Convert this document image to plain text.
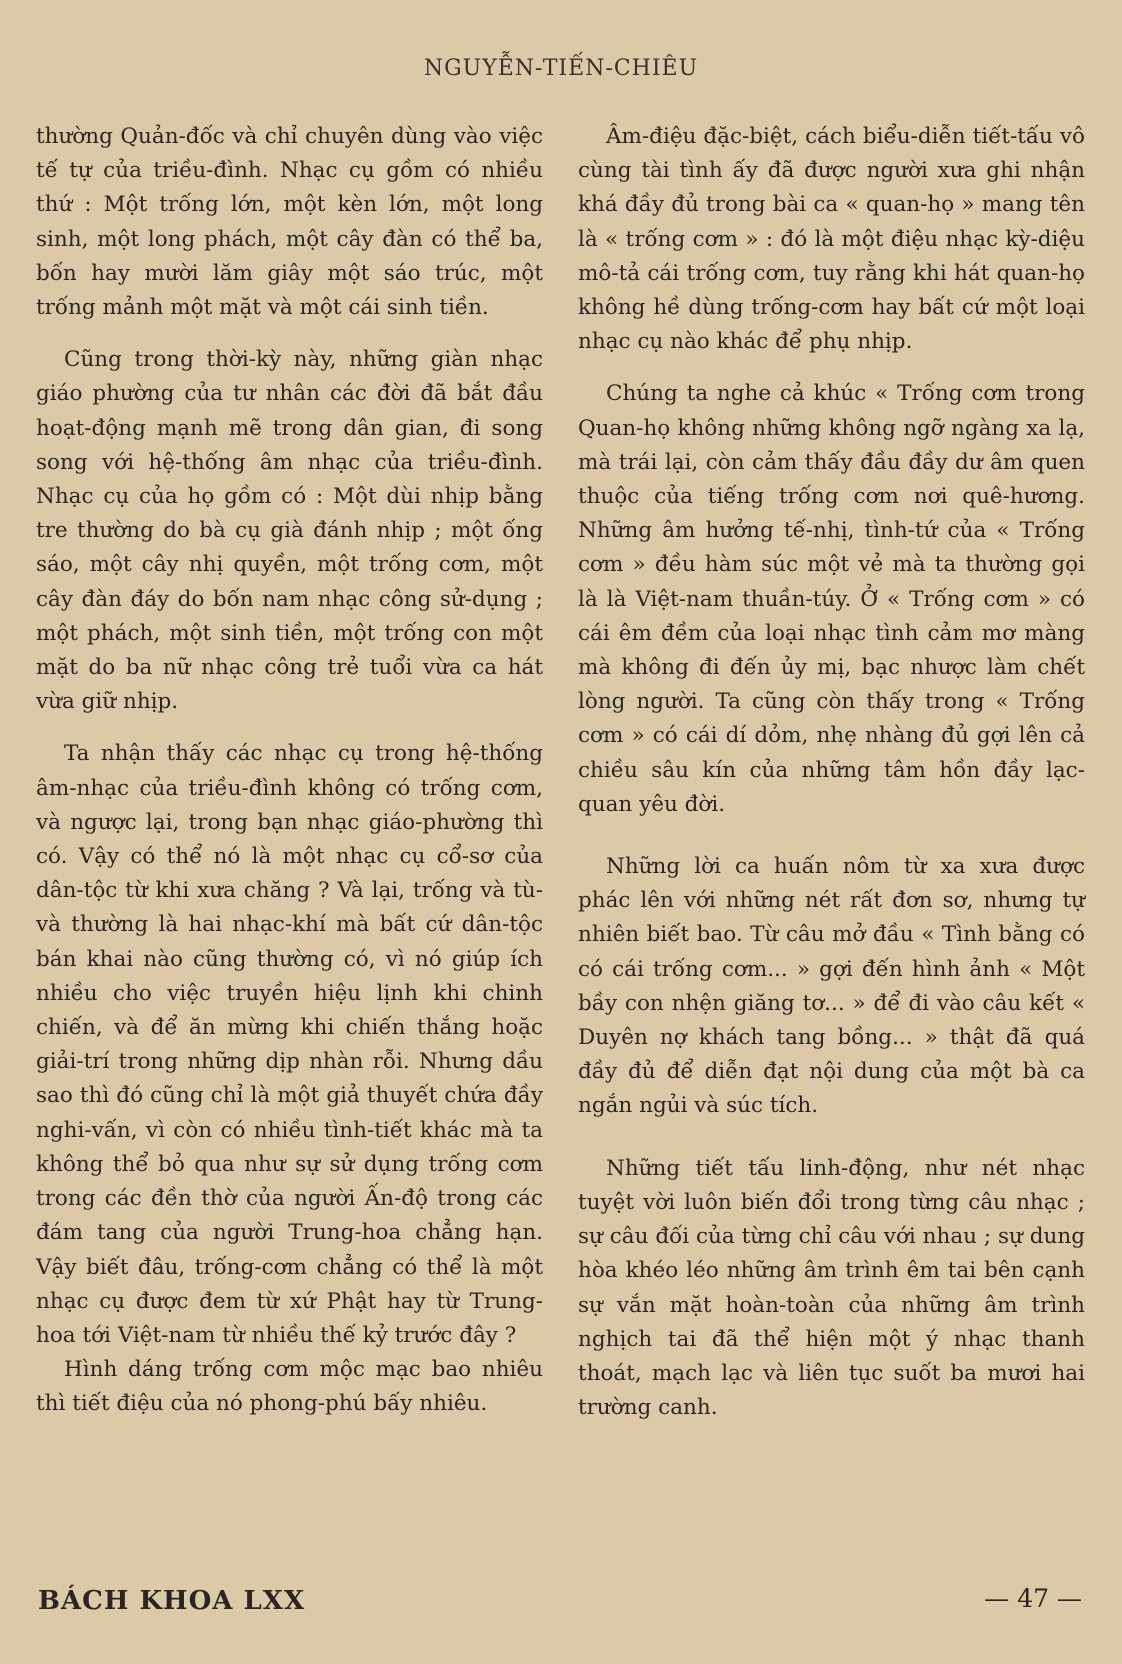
NGUYỄN-TIẾN-CHIÊU

thường Quản-đốc và chỉ chuyên dùng vào việc tế tự của triều-đình. Nhạc cụ gồm có nhiều thứ : Một trống lớn, một kèn lớn, một long sinh, một long phách, một cây đàn có thể ba, bốn hay mười lăm giây một sáo trúc, một trống mảnh một mặt và một cái sinh tiền.

Cũng trong thời-kỳ này, những giàn nhạc giáo phường của tư nhân các đời đã bắt đầu hoạt-động mạnh mẽ trong dân gian, đi song song với hệ-thống âm nhạc của triều-đình. Nhạc cụ của họ gồm có : Một dùi nhịp bằng tre thường do bà cụ già đánh nhịp ; một ống sáo, một cây nhị quyền, một trống cơm, một cây đàn đáy do bốn nam nhạc công sử-dụng ; một phách, một sinh tiền, một trống con một mặt do ba nữ nhạc công trẻ tuổi vừa ca hát vừa giữ nhịp.

Ta nhận thấy các nhạc cụ trong hệ-thống âm-nhạc của triều-đình không có trống cơm, và ngược lại, trong bạn nhạc giáo-phường thì có. Vậy có thể nó là một nhạc cụ cổ-sơ của dân-tộc từ khi xưa chăng ? Và lại, trống và tù-và thường là hai nhạc-khí mà bất cứ dân-tộc bán khai nào cũng thường có, vì nó giúp ích nhiều cho việc truyền hiệu lịnh khi chinh chiến, và để ăn mừng khi chiến thắng hoặc giải-trí trong những dịp nhàn rỗi. Nhưng dầu sao thì đó cũng chỉ là một giả thuyết chứa đầy nghi-vấn, vì còn có nhiều tình-tiết khác mà ta không thể bỏ qua như sự sử dụng trống cơm trong các đền thờ của người Ấn-độ trong các đám tang của người Trung-hoa chẳng hạn. Vậy biết đâu, trống-cơm chẳng có thể là một nhạc cụ được đem từ xứ Phật hay từ Trung-hoa tới Việt-nam từ nhiều thế kỷ trước đây ?

Hình dáng trống cơm mộc mạc bao nhiêu thì tiết điệu của nó phong-phú bấy nhiêu.

Âm-điệu đặc-biệt, cách biểu-diễn tiết-tấu vô cùng tài tình ấy đã được người xưa ghi nhận khá đầy đủ trong bài ca « quan-họ » mang tên là « trống cơm » : đó là một điệu nhạc kỳ-diệu mô-tả cái trống cơm, tuy rằng khi hát quan-họ không hề dùng trống-cơm hay bất cứ một loại nhạc cụ nào khác để phụ nhịp.

Chúng ta nghe cả khúc « Trống cơm trong Quan-họ không những không ngỡ ngàng xa lạ, mà trái lại, còn cảm thấy đầu đầy dư âm quen thuộc của tiếng trống cơm nơi quê-hương. Những âm hưởng tế-nhị, tình-tứ của « Trống cơm » đều hàm súc một vẻ mà ta thường gọi là là Việt-nam thuần-túy. Ở « Trống cơm » có cái êm đềm của loại nhạc tình cảm mơ màng mà không đi đến ủy mị, bạc nhược làm chết lòng người. Ta cũng còn thấy trong « Trống cơm » có cái dí dỏm, nhẹ nhàng đủ gợi lên cả chiều sâu kín của những tâm hồn đầy lạc-quan yêu đời.

Những lời ca huấn nôm từ xa xưa được phác lên với những nét rất đơn sơ, nhưng tự nhiên biết bao. Từ câu mở đầu « Tình bằng có có cái trống cơm... » gợi đến hình ảnh « Một bầy con nhện giăng tơ... » để đi vào câu kết « Duyên nợ khách tang bồng... » thật đã quá đầy đủ để diễn đạt nội dung của một bà ca ngắn ngủi và súc tích.

Những tiết tấu linh-động, như nét nhạc tuyệt vời luôn biến đổi trong từng câu nhạc ; sự câu đối của từng chỉ câu với nhau ; sự dung hòa khéo léo những âm trình êm tai bên cạnh sự vắn mặt hoàn-toàn của những âm trình nghịch tai đã thể hiện một ý nhạc thanh thoát, mạch lạc và liên tục suốt ba mươi hai trường canh.

BÁCH KHOA LXX	— 47 —
